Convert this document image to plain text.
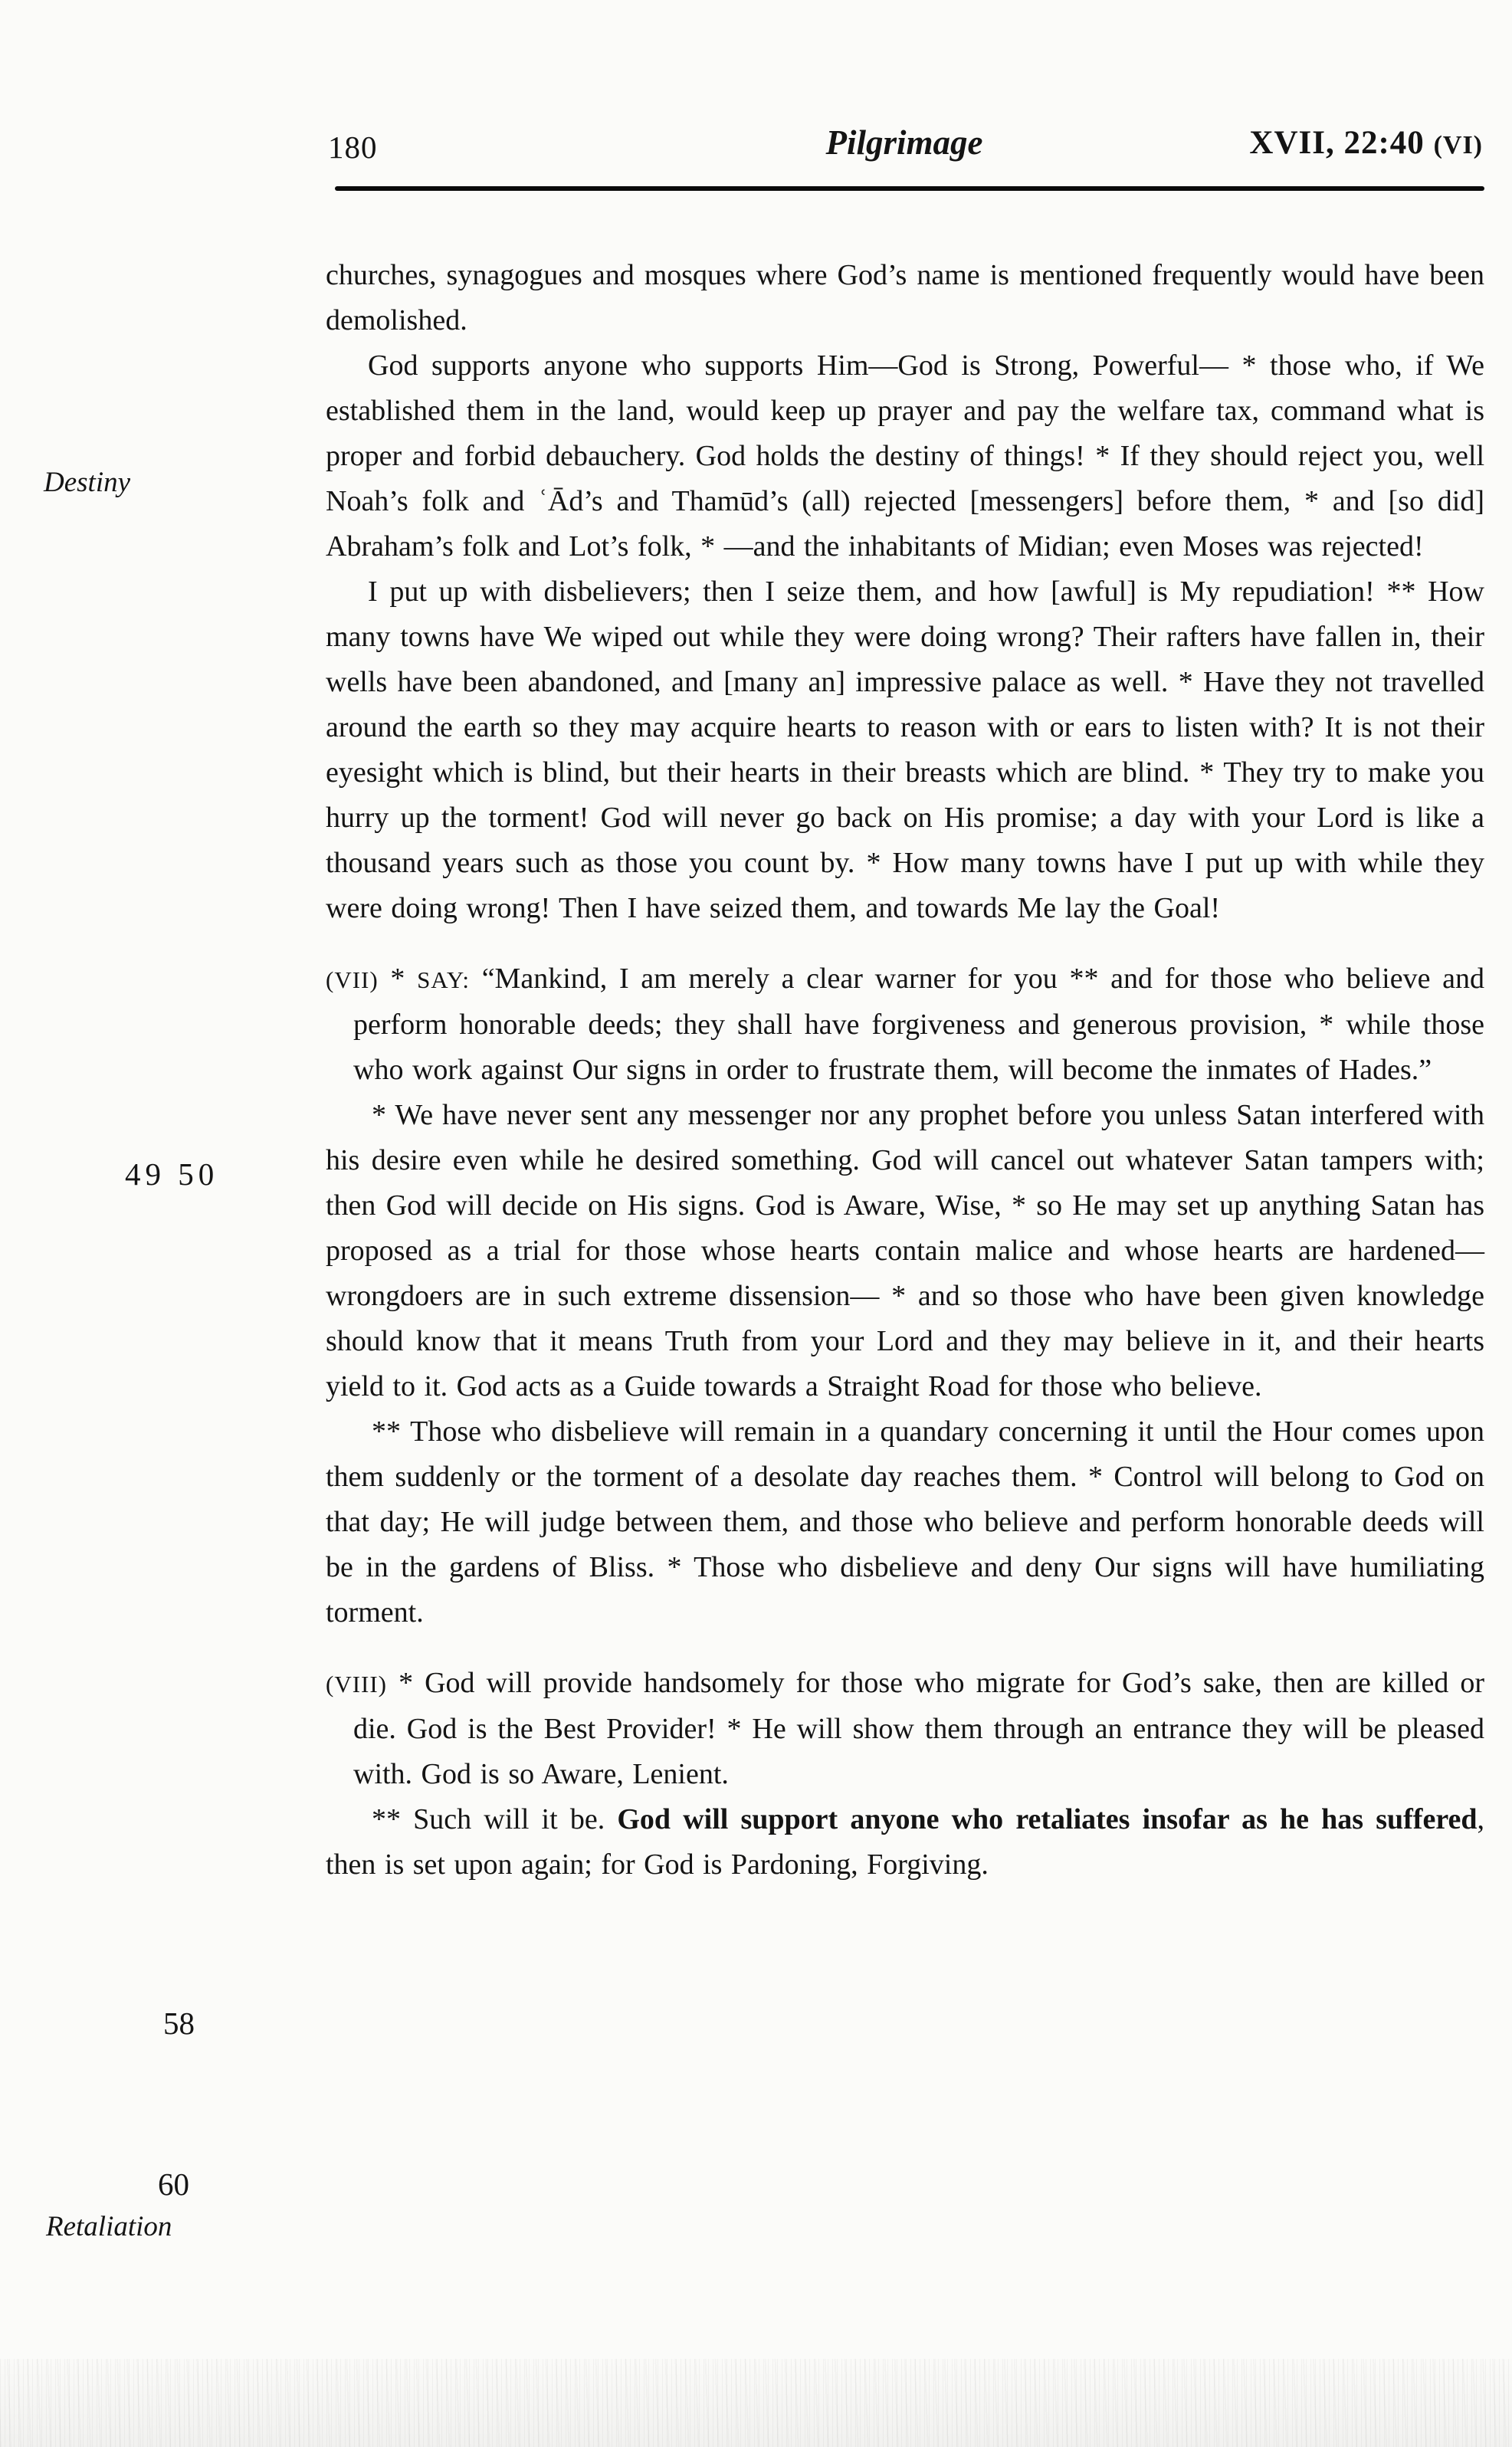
180	Pilgrimage	XVII, 22:40 (VI)
Destiny
49 50
58
60
Retaliation

churches, synagogues and mosques where God’s name is mentioned frequently would have been demolished.

God supports anyone who supports Him—God is Strong, Powerful— * those who, if We established them in the land, would keep up prayer and pay the welfare tax, command what is proper and forbid debauchery. God holds the destiny of things! * If they should reject you, well Noah’s folk and ʿĀd’s and Thamūd’s (all) rejected [messengers] before them, * and [so did] Abraham’s folk and Lot’s folk, * —and the inhabitants of Midian; even Moses was rejected!

I put up with disbelievers; then I seize them, and how [awful] is My repudiation! ** How many towns have We wiped out while they were doing wrong? Their rafters have fallen in, their wells have been abandoned, and [many an] impressive palace as well. * Have they not travelled around the earth so they may acquire hearts to reason with or ears to listen with? It is not their eyesight which is blind, but their hearts in their breasts which are blind. * They try to make you hurry up the torment! God will never go back on His promise; a day with your Lord is like a thousand years such as those you count by. * How many towns have I put up with while they were doing wrong! Then I have seized them, and towards Me lay the Goal!

(VII) * SAY: “Mankind, I am merely a clear warner for you ** and for those who believe and perform honorable deeds; they shall have forgiveness and generous provision, * while those who work against Our signs in order to frustrate them, will become the inmates of Hades.”

* We have never sent any messenger nor any prophet before you unless Satan interfered with his desire even while he desired something. God will cancel out whatever Satan tampers with; then God will decide on His signs. God is Aware, Wise, * so He may set up anything Satan has proposed as a trial for those whose hearts contain malice and whose hearts are hardened—wrongdoers are in such extreme dissension— * and so those who have been given knowledge should know that it means Truth from your Lord and they may believe in it, and their hearts yield to it. God acts as a Guide towards a Straight Road for those who believe.

** Those who disbelieve will remain in a quandary concerning it until the Hour comes upon them suddenly or the torment of a desolate day reaches them. * Control will belong to God on that day; He will judge between them, and those who believe and perform honorable deeds will be in the gardens of Bliss. * Those who disbelieve and deny Our signs will have humiliating torment.

(VIII) * God will provide handsomely for those who migrate for God’s sake, then are killed or die. God is the Best Provider! * He will show them through an entrance they will be pleased with. God is so Aware, Lenient.

** Such will it be. God will support anyone who retaliates insofar as he has suffered, then is set upon again; for God is Pardoning, Forgiving.
